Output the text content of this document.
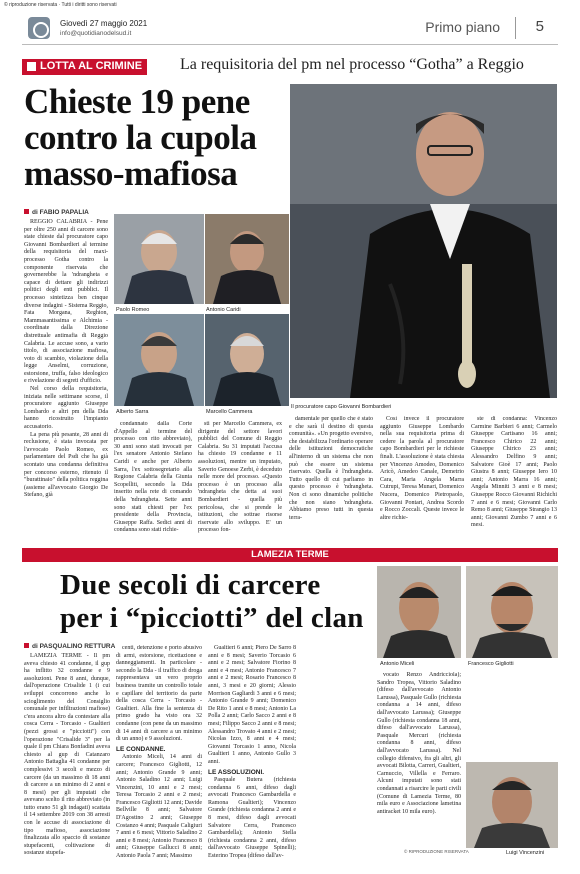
© riproduzione riservata · Tutti i diritti sono riservati
Giovedì 27 maggio 2021
info@quotidianodelsud.it	Primo piano 5
LOTTA AL CRIMINE	La requisitoria del pm nel processo “Gotha” a Reggio
Chieste 19 pene
contro la cupola
masso-mafiosa
Il procuratore capo Giovanni Bombardieri
Paolo Romeo	Antonio Caridi
Alberto Sarra	Marcello Cammera
di FABIO PAPALIA

REGGIO CALABRIA - Pene per oltre 250 anni di carcere sono state chieste dal procuratore capo Giovanni Bombardieri al termine della requisitoria del maxi-processo Gotha contro la componente riservata che governerebbe la 'ndrangheta e capace di dettare gli indirizzi politici degli enti pubblici. Il processo sintetizza ben cinque diverse indagini - Sistema Reggio, Fata Morgana, Reghion, Mammasantissima e Alchimia - coordinate dalla Direzione distrettuale antimafia di Reggio Calabria. Le accuse sono, a vario titolo, di associazione mafiosa, voto di scambio, violazione della legge Anselmi, corruzione, estorsione, truffa, falso ideologico e rivelazione di segreti d'ufficio.

Nel corso della requisitoria, iniziata nelle settimane scorse, il procuratore aggiunto Giuseppe Lombardo e altri pm della Dda hanno ricostruito l'impianto accusatorio.

La pena più pesante, 28 anni di reclusione, è stata invocata per l'avvocato Paolo Romeo, ex parlamentare del Psdi che ha già scontato una condanna definitiva per concorso esterno, ritenuto il "burattinaio" della politica reggina (assieme all'avvocato Giorgio De Stefano, già

condannato dalla Corte d'Appello al termine del processo con rito abbreviato), 30 anni sono stati invocati per l'ex senatore Antonio Stefano Caridi e anche per Alberto Sarra, l'ex sottosegretario alla Regione Calabria della Giunta Scopelliti, secondo la Dda inserito nella rete di comando della 'ndrangheta. Sette anni sono stati chiesti per l'ex presidente della Provincia, Giuseppe Raffa. Sedici anni di condanna sono stati richie-

sti per Marcello Cammera, ex dirigente del settore lavori pubblici del Comune di Reggio Calabria. Su 31 imputati l'accusa ha chiesto 19 condanne e 11 assoluzioni, mentre un imputato, Saverio Genoese Zerbi, è deceduto nelle more del processo. «Questo processo è un processo alla 'ndrangheta che detta ai suoi Bombardieri - quella più pericolosa, che si prende le istituzioni, che sottrae risorse riservate allo sviluppo. E' un processo fon-

damentale per quello che è stato e che sarà il destino di questa comunità». «Un progetto eversivo, che destabilizza l'ordinario operare delle istituzioni democratiche all'interno di un sistema che non può che essere un sistema riservato. Quella è l'ndrangheta. Tutto quello di cui parliamo in questo processo è 'ndrangheta. Non ci sono dinamiche politiche che non siano 'ndrangheta. Abbiamo preso tutti in questa terra-

Così invece il procuratore aggiunto Giuseppe Lombardo nella sua requisitoria prima di cedere la parola al procuratore capo Bombardieri per le richieste finali. L'assoluzione è stata chiesta per Vincenzo Amodeo, Domenico Aricò, Amedeo Canale, Demetrio Cara, Maria Angela Marra Cutrupi, Teresa Munari, Domenico Nucera, Domenico Pietropaolo, Giovanni Pontari, Andrea Scordo e Rocco Zoccali. Queste invece le altre richie-

ste di condanna: Vincenzo Carmine Barbieri 6 anni; Carmelo Giuseppe Cartisano 16 anni; Francesco Chirico 22 anni; Giuseppe Chirico 23 anni; Alessandro Delfino 9 anni; Salvatore Gioè 17 anni; Paolo Giustra 8 anni; Giuseppe Iero 10 anni; Antonio Marra 16 anni; Angela Minniti 3 anni e 8 mesi; Giuseppe Rocco Giovanni Richichi 7 anni e 6 mesi; Giovanni Carlo Remo 8 anni; Giuseppe Strangio 13 anni; Giovanni Zumbo 7 anni e 6 mesi.

LAMEZIA TERME
Due secoli di carcere
per i “picciotti” del clan
Antonio Miceli	Francesco Gigliotti
Luigi Vincenzini
di PASQUALINO RETTURA

LAMEZIA TERME - Il pm aveva chiesto 41 condanne, il gup ha inflitto 32 condanne e 9 assoluzioni. Pene 8 anni, dunque, dall'operazione Crisalide 1 (i cui sviluppi concorrono anche lo scioglimento del Consiglio comunale per infiltrazioni mafiose) c'era ancora altro da contestare alla cosca Cerra - Torcasio - Gualtieri (pezzi grossi e "picciotti") con l'operazione "Crisalide 3" per la quale il pm Chiara Bonfadini aveva chiesto al gup di Catanzaro Antonio Battaglia 41 condanne per complessivi 3 secoli e mezzo di carcere (da un massimo di 18 anni di carcere a un minimo di 2 anni e 8 mesi) per gli imputati che avevano scelto il rito abbreviato (in tutto erano 51 gli indagati) scattata il 14 settembre 2019 con 38 arresti con le accuse di associazione di tipo mafioso, associazione finalizzata allo spaccio di sostanze stupefacenti, coltivazione di sostanze stupefa-

centi, detenzione e porto abusivo di armi, estorsione, ricettazione e danneggiamenti. In particolare - secondo la Dda - il traffico di droga rappresentava un vero proprio business tramite un controllo totale e capillare del territorio da parte della cosca Cerra - Torcasio - Gualtieri. Alla fine la sentenza di primo grado ha visto ora 32 condanne (con pene da un massimo di 14 anni di carcere a un minimo di un anno) e 9 assoluzioni.

LE CONDANNE.

Antonio Miceli, 14 anni di carcere; Francesco Gigliotti, 12 anni; Antonio Grande 9 anni; Antonio Saladino 12 anni; Luigi Vincenzini, 10 anni e 2 mesi; Teresa Torcasio 2 anni e 2 mesi; Francesco Gigliotti 12 anni; Davide Bellville 8 anni; Salvatore D'Agostino 2 anni; Giuseppe Costanzo 4 anni; Pasquale Caligiuri 7 anni e 6 mesi; Vittorio Saladino 2 anni e 8 mesi; Antonio Francesco 8 anni; Giuseppe Gallucci 8 anni; Antonio Paola 7 anni; Massimo

Gualtieri 6 anni; Piero De Sarro 8 anni e 8 mesi; Saverio Torcasio 6 anni e 2 mesi; Salvatore Fiorino 8 anni e 4 mesi; Antonio Francesco 7 anni e 2 mesi; Rosario Francesco 8 anni, 3 mesi e 20 giorni; Alessio Morrison Gagliardi 3 anni e 6 mesi; Antonio Grande 9 anni; Domenico De Rito 1 anni e 8 mesi; Antonio La Polla 2 anni; Carlo Sacco 2 anni e 8 mesi; Filippo Sacco 2 anni e 8 mesi; Alessandro Trovato 4 anni e 2 mesi; Nicolas Izzo, 8 anni e 4 mesi; Giovanni Torcasio 1 anno, Nicola Gualtieri 1 anno, Antonio Gullo 3 anni.

LE ASSOLUZIONI.

Pasquale Butera (richiesta condanna 6 anni, difeso dagli avvocati Francesco Gambardella e Ramona Gualtieri); Vincenzo Grande (richiesta condanna 2 anni e 8 mesi, difeso dagli avvocati Salvatore Cerra, Francesco Gambardella); Antonio Stella (richiesta condanna 2 anni, difeso dall'avvocato Giuseppe Spinelli); Esterino Tropea (difeso dall'av-

vocato Renzo Andricciola); Sandro Tropea, Vittorio Saladino (difeso dall'avvocato Antonio Larussa), Pasquale Gullo (richiesta condanna a 14 anni, difeso dall'avvocato Larussa); Giuseppe Gullo (richiesta condanna 18 anni, difeso dall'avvocato Larussa), Pasquale Mercuri (richiesta condanna 8 anni, difeso dall'avvocato Larussa). Nel collegio difensivo, fra gli altri, gli avvocati Bilotta, Carreri, Gualtieri, Carnuccio, Villella e Ferraro. Alcuni imputati sono stati condannati a risarcire le parti civili (Comune di Lamezia Terme, 80 mila euro e Associazione lametina antiracket 10 mila euro).

© RIPRODUZIONE RISERVATA
